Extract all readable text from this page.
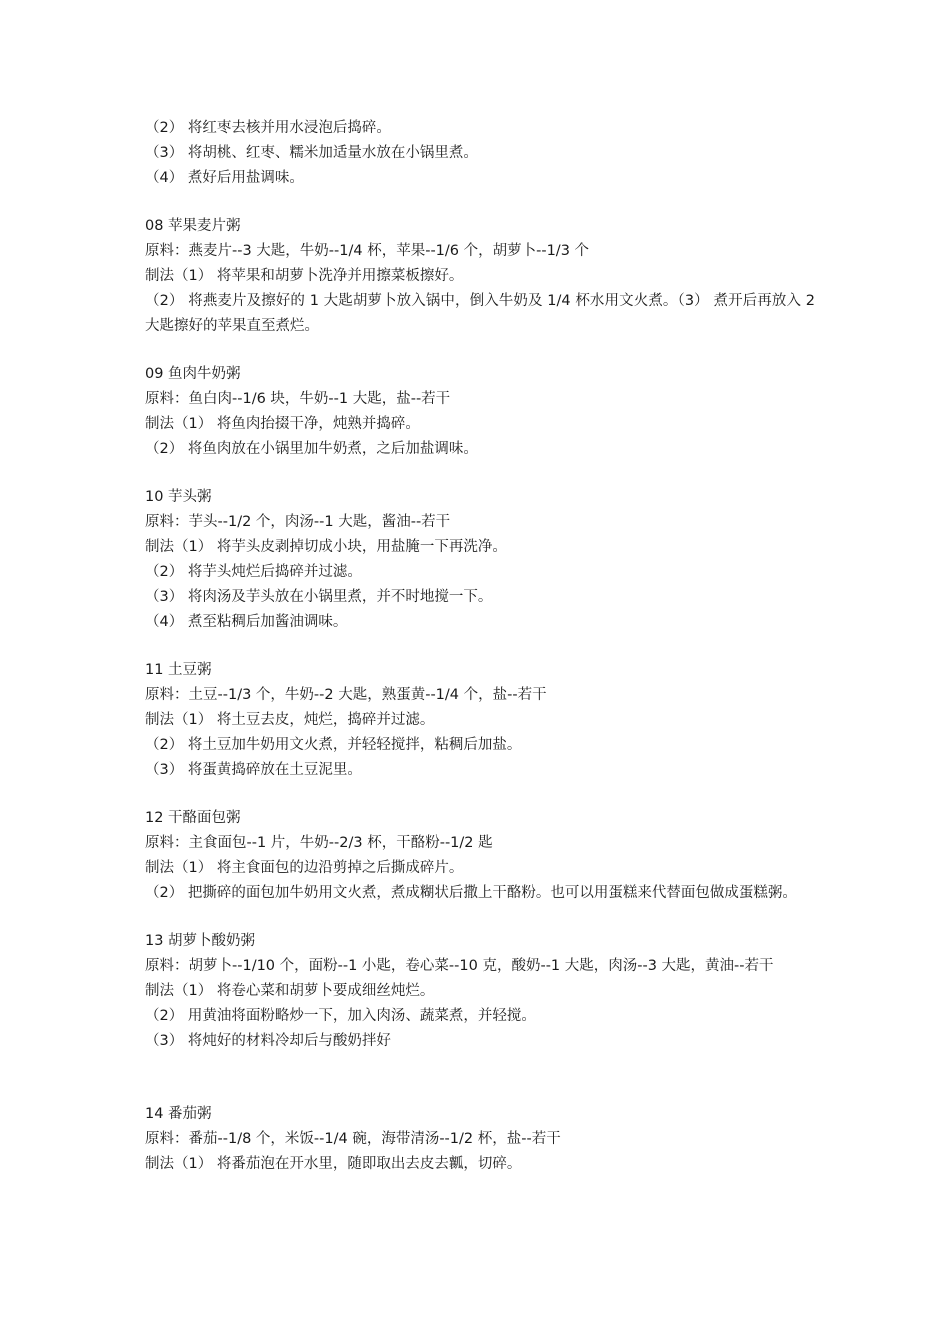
（2） 将红枣去核并用水浸泡后捣碎。

（3） 将胡桃、红枣、糯米加适量水放在小锅里煮。

（4） 煮好后用盐调味。

08 苹果麦片粥

原料：燕麦片--3 大匙，牛奶--1/4 杯，苹果--1/6 个，胡萝卜--1/3 个

制法（1） 将苹果和胡萝卜洗净并用擦菜板擦好。

（2） 将燕麦片及擦好的 1 大匙胡萝卜放入锅中，倒入牛奶及 1/4 杯水用文火煮。（3） 煮开后再放入 2 大匙擦好的苹果直至煮烂。

09 鱼肉牛奶粥

原料：鱼白肉--1/6 块，牛奶--1 大匙，盐--若干

制法（1） 将鱼肉抬掇干净，炖熟并捣碎。

（2） 将鱼肉放在小锅里加牛奶煮，之后加盐调味。

10 芋头粥

原料：芋头--1/2 个，肉汤--1 大匙，酱油--若干

制法（1） 将芋头皮剥掉切成小块，用盐腌一下再洗净。

（2） 将芋头炖烂后捣碎并过滤。

（3） 将肉汤及芋头放在小锅里煮，并不时地搅一下。

（4） 煮至粘稠后加酱油调味。

11 土豆粥

原料：土豆--1/3 个，牛奶--2 大匙，熟蛋黄--1/4 个，盐--若干

制法（1） 将土豆去皮，炖烂，捣碎并过滤。

（2） 将土豆加牛奶用文火煮，并轻轻搅拌，粘稠后加盐。

（3） 将蛋黄捣碎放在土豆泥里。

12 干酪面包粥

原料：主食面包--1 片，牛奶--2/3 杯，干酪粉--1/2 匙

制法（1） 将主食面包的边沿剪掉之后撕成碎片。

（2） 把撕碎的面包加牛奶用文火煮，煮成糊状后撒上干酪粉。也可以用蛋糕来代替面包做成蛋糕粥。

13 胡萝卜酸奶粥

原料：胡萝卜--1/10 个，面粉--1 小匙，卷心菜--10 克，酸奶--1 大匙，肉汤--3 大匙，黄油--若干

制法（1） 将卷心菜和胡萝卜要成细丝炖烂。

（2） 用黄油将面粉略炒一下，加入肉汤、蔬菜煮，并轻搅。

（3） 将炖好的材料冷却后与酸奶拌好

14 番茄粥

原料：番茄--1/8 个，米饭--1/4 碗，海带清汤--1/2 杯，盐--若干

制法（1） 将番茄泡在开水里，随即取出去皮去瓤，切碎。
